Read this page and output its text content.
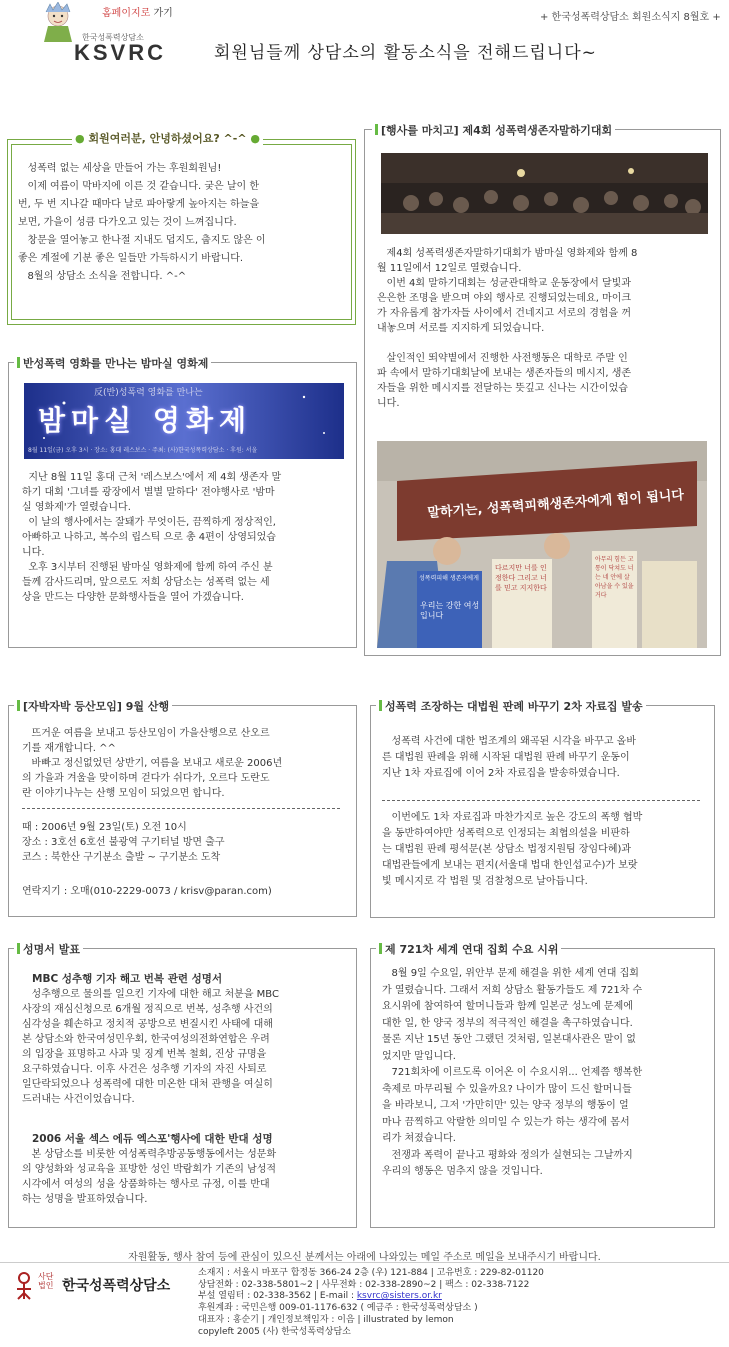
홈페이지로 가기
한국성폭력상담소
KSVRC
+ 한국성폭력상담소 회원소식지 8월호 +
회원님들께 상담소의 활동소식을 전해드립니다~
● 회원여러분, 안녕하셨어요? ^-^ ●
성폭력 없는 세상을 만들어 가는 후원회원님!
이제 여름이 막바지에 이른 것 같습니다. 궂은 날이 한
번, 두 번 지나갈 때마다 날로 파아랗게 높아지는 하늘을
보면, 가을이 성큼 다가오고 있는 것이 느껴집니다.
창문을 열어놓고 한나절 지내도 덥지도, 춥지도 않은 이
좋은 계절에 기분 좋은 일들만 가득하시기 바랍니다.
8월의 상담소 소식을 전합니다. ^-^
반성폭력 영화를 만나는 밤마실 영화제
反(반)성폭력 영화를 만나는
밤마실 영화제
8월 11일(금) 오후 3시 · 장소: 홍대 레스보스 · 주최: (사)한국성폭력상담소 · 후원: 서울
지난 8월 11일 홍대 근처 '레스보스'에서 제 4회 생존자 말
하기 대회 '그녀를 광장에서 별별 말하다' 전야행사로 '밤마
실 영화제'가 열렸습니다.
이 날의 행사에서는 잘돼가 무엇이든, 끔찍하게 정상적인,
아빠하고 나하고, 복수의 립스틱 으로 총 4편이 상영되었습
니다.
오후 3시부터 진행된 밤마실 영화제에 함께 하여 주신 분
들께 감사드리며, 앞으로도 저희 상담소는 성폭력 없는 세
상을 만드는 다양한 문화행사들을 열어 가겠습니다.
[행사를 마치고] 제4회 성폭력생존자말하기대회
제4회 성폭력생존자말하기대회가 밤마실 영화제와 함께 8
월 11일에서 12일로 열렸습니다.
이번 4회 말하기대회는 성균관대학교 운동장에서 달빛과
은은한 조명을 받으며 야외 행사로 진행되었는데요, 마이크
가 자유롭게 참가자들 사이에서 건네지고 서로의 경험을 꺼
내놓으며 서로를 지지하게 되었습니다.

살인적인 뙤약볕에서 진행한 사전행동은 대학로 주말 인
파 속에서 말하기대회날에 보내는 생존자들의 메시지, 생존
자들을 위한 메시지를 전달하는 뜻깊고 신나는 시간이었습
니다.
말하기는, 성폭력피해생존자에게 힘이 됩니다
성폭력피해 생존자에게
우리는 강한 여성입니다
다르지만 너를 인정한다 그리고 너를 믿고 지지한다
아무리 힘든 고통이 닥쳐도 너는 네 안에 살아남을 수 있을거다
[자박자박 등산모임] 9월 산행
뜨거운 여름을 보내고 등산모임이 가을산행으로 산오르
기를 재개합니다. ^^
바빠고 정신없었던 상반기, 여름을 보내고 새로운 2006년
의 가을과 겨울을 맞이하며 걷다가 쉬다가, 오르다 도란도
란 이야기나누는 산행 모임이 되었으면 합니다.
때 : 2006년 9월 23일(토) 오전 10시
장소 : 3호선 6호선 불광역 구기터널 방면 출구
코스 : 북한산 구기분소 출발 ~ 구기분소 도착
연락지기 : 오매(010-2229-0073 / krisv@paran.com)
성폭력 조장하는 대법원 판례 바꾸기 2차 자료집 발송
성폭력 사건에 대한 법조계의 왜곡된 시각을 바꾸고 올바
른 대법원 판례을 위해 시작된 대법원 판례 바꾸기 운동이
지난 1차 자료집에 이어 2차 자료집을 발송하였습니다.
이번에도 1차 자료집과 마찬가지로 높은 강도의 폭행 협박
을 동반하여야만 성폭력으로 인정되는 최협의설을 비판하
는 대법원 판례 평석문(본 상담소 법정지원팀 장임다혜)과
대법관들에게 보내는 편지(서울대 법대 한인섭교수)가 보랏
빛 메시지로 각 법원 및 검찰청으로 날아듭니다.
성명서 발표
MBC 성추행 기자 해고 번복 관련 성명서
성추행으로 물의를 일으킨 기자에 대한 해고 처분을 MBC
사장의 재심신청으로 6개월 정직으로 번복, 성추행 사건의
심각성을 훼손하고 정치적 공방으로 변질시킨 사태에 대해
본 상담소와 한국여성민우회, 한국여성의전화연합은 우려
의 입장을 표명하고 사과 및 징계 번복 철회, 진상 규명을
요구하였습니다. 이후 사건은 성추행 기자의 자진 사퇴로
일단락되었으나 성폭력에 대한 미온한 대처 관행을 여실히
드러내는 사건이었습니다.
2006 서울 섹스 에듀 엑스포'행사에 대한 반대 성명
본 상담소를 비롯한 여성폭력추방공동행동에서는 성문화
의 양성화와 성교육을 표방한 성인 박람회가 기존의 남성적
시각에서 여성의 성을 상품화하는 행사로 규정, 이를 반대
하는 성명을 발표하였습니다.
제 721차 세계 연대 집회 수요 시위
8월 9일 수요일, 위안부 문제 해결을 위한 세계 연대 집회
가 열렸습니다. 그래서 저희 상담소 활동가들도 제 721차 수
요시위에 참여하여 할머니들과 함께 일본군 성노예 문제에
대한 일, 한 양국 정부의 적극적인 해결을 촉구하였습니다.
물론 지난 15년 동안 그랬던 것처럼, 일본대사관은 말이 없
었지만 말입니다.
721회차에 이르도록 이어온 이 수요시위... 언제쯤 행복한
축제로 마무리될 수 있을까요? 나이가 많이 드신 할머니들
을 바라보니, 그저 '가만히만' 있는 양국 정부의 행동이 얼
마나 끔찍하고 악랄한 의미일 수 있는가 하는 생각에 몸서
리가 쳐졌습니다.
전쟁과 폭력이 끝나고 평화와 정의가 실현되는 그날까지
우리의 행동은 멈추지 않을 것입니다.
자원활동, 행사 참여 등에 관심이 있으신 분께서는 아래에 나와있는 메일 주소로 메일을 보내주시기 바랍니다.
사단
법인 한국성폭력상담소
소재지 : 서울시 마포구 합정동 366-24 2층 (우) 121-884 | 고유번호 : 229-82-01120
상담전화 : 02-338-5801~2 | 사무전화 : 02-338-2890~2 | 팩스 : 02-338-7122
부설 열림터 : 02-338-3562 | E-mail : ksvrc@sisters.or.kr
후원계좌 : 국민은행 009-01-1176-632 ( 예금주 : 한국성폭력상담소 )
대표자 : 홍순기 | 개인정보책임자 : 이음 | illustrated by lemon
copyleft 2005 (사) 한국성폭력상담소
